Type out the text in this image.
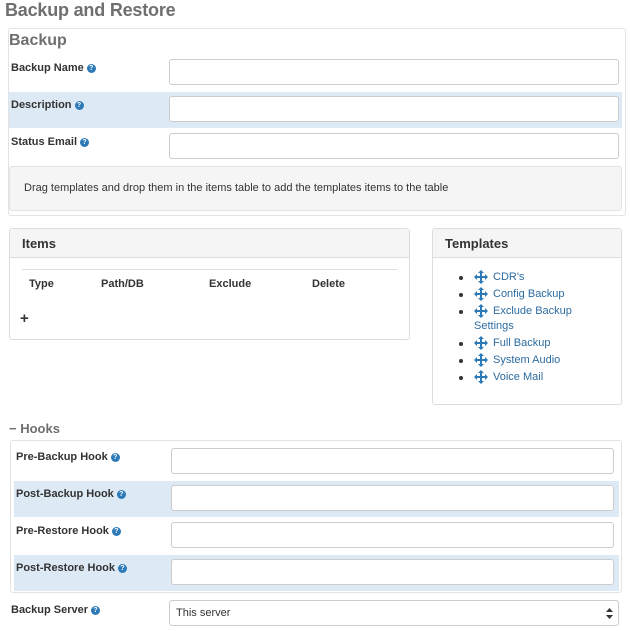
Backup and Restore
Backup
Backup Name ?
Description ?
Status Email ?
Drag templates and drop them in the items table to add the templates items to the table
Items
Type	Path/DB	Exclude	Delete
+
Templates
CDR's
Config Backup
Exclude Backup
Settings
Full Backup
System Audio
Voice Mail
− Hooks
Pre-Backup Hook ?
Post-Backup Hook ?
Pre-Restore Hook ?
Post-Restore Hook ?
Backup Server ?	This server
